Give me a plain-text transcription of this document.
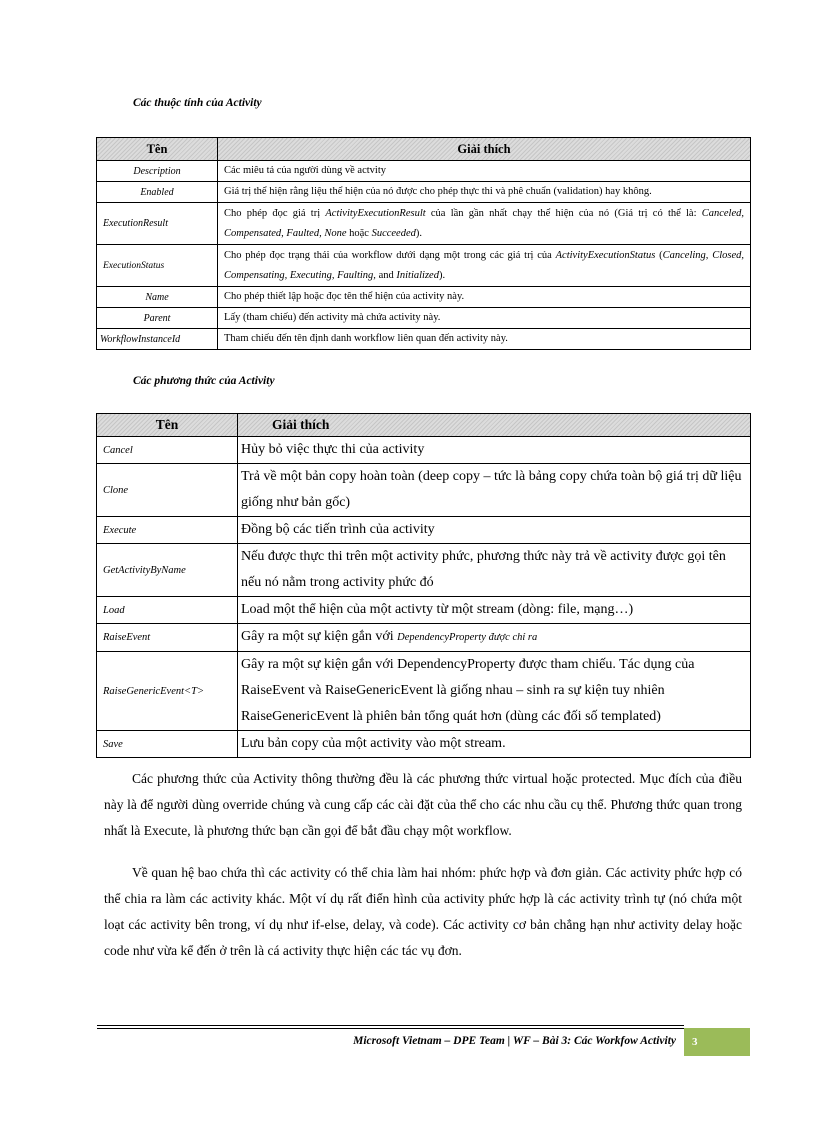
Các thuộc tính của Activity
Tên	Giải thích
Description	Các miêu tả của người dùng về actvity
Enabled	Giá trị thể hiện rằng liệu thể hiện của nó được cho phép thực thi và phê chuẩn (validation) hay không.
ExecutionResult	Cho phép đọc giá trị ActivityExecutionResult của lần gần nhất chạy thể hiện của nó (Giá trị có thể là: Canceled, Compensated, Faulted, None hoặc Succeeded).
ExecutionStatus	Cho phép đọc trạng thái của workflow dưới dạng một trong các giá trị của ActivityExecutionStatus (Canceling, Closed, Compensating, Executing, Faulting, and Initialized).
Name	Cho phép thiết lập hoặc đọc tên thể hiện của activity này.
Parent	Lấy (tham chiếu) đến activity mà chứa activity này.
WorkflowInstanceId	Tham chiếu đến tên định danh workflow liên quan đến activity này.
Các phương thức của Activity
Tên	Giải thích
Cancel	Hủy bỏ việc thực thi của activity
Clone	Trả về một bản copy hoàn toàn (deep copy – tức là bảng copy chứa toàn bộ giá trị dữ liệu giống như bản gốc)
Execute	Đồng bộ các tiến trình của activity
GetActivityByName	Nếu được thực thi trên một activity phức, phương thức này trả về activity được gọi tên nếu nó nằm trong activity phức đó
Load	Load một thể hiện của một activty từ một stream (dòng: file, mạng…)
RaiseEvent	Gây ra một sự kiện gắn với DependencyProperty được chỉ ra
RaiseGenericEvent<T>	Gây ra một sự kiện gắn với DependencyProperty được tham chiếu. Tác dụng của RaiseEvent và RaiseGenericEvent là giống nhau – sinh ra sự kiện tuy nhiên RaiseGenericEvent là phiên bản tổng quát hơn (dùng các đối số templated)
Save	Lưu bản copy của một activity vào một stream.

Các phương thức của Activity thông thường đều là các phương thức virtual hoặc protected. Mục đích của điều này là để người dùng override chúng và cung cấp các cài đặt của thể cho các nhu cầu cụ thể. Phương thức quan trong nhất là Execute, là phương thức bạn cần gọi để bắt đầu chạy một workflow.

Về quan hệ bao chứa thì các activity có thể chia làm hai nhóm: phức hợp và đơn giản. Các activity phức hợp có thể chia ra làm các activity khác. Một ví dụ rất điển hình của activity phức hợp là các activity trình tự (nó chứa một loạt các activity bên trong, ví dụ như if-else, delay, và code). Các activity cơ bản chẳng hạn như activity delay hoặc code như vừa kể đến ở trên là cá activity thực hiện các tác vụ đơn.

Microsoft Vietnam – DPE Team | WF – Bài 3: Các Workfow Activity	3
